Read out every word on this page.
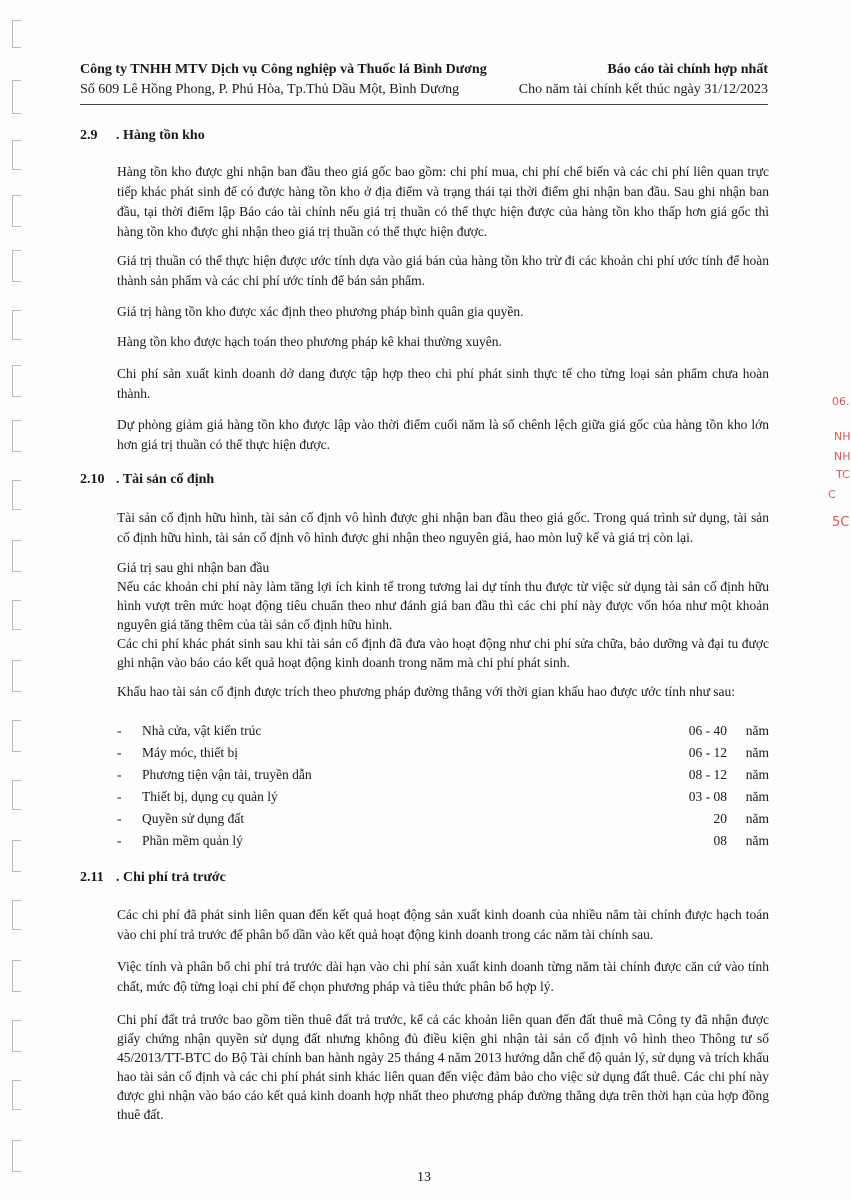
06.
NH
NH
TC
C
5C
Công ty TNHH MTV Dịch vụ Công nghiệp và Thuốc lá Bình Dương
Số 609 Lê Hồng Phong, P. Phú Hòa, Tp.Thủ Dầu Một, Bình Dương
Báo cáo tài chính hợp nhất
Cho năm tài chính kết thúc ngày 31/12/2023
2.9 . Hàng tồn kho

Hàng tồn kho được ghi nhận ban đầu theo giá gốc bao gồm: chi phí mua, chi phí chế biến và các chi phí liên quan trực tiếp khác phát sinh để có được hàng tồn kho ở địa điểm và trạng thái tại thời điểm ghi nhận ban đầu. Sau ghi nhận ban đầu, tại thời điểm lập Báo cáo tài chính nếu giá trị thuần có thể thực hiện được của hàng tồn kho thấp hơn giá gốc thì hàng tồn kho được ghi nhận theo giá trị thuần có thể thực hiện được.

Giá trị thuần có thể thực hiện được ước tính dựa vào giá bán của hàng tồn kho trừ đi các khoản chi phí ước tính để hoàn thành sản phẩm và các chi phí ước tính để bán sản phẩm.

Giá trị hàng tồn kho được xác định theo phương pháp bình quân gia quyền.

Hàng tồn kho được hạch toán theo phương pháp kê khai thường xuyên.

Chi phí sản xuất kinh doanh dở dang được tập hợp theo chi phí phát sinh thực tế cho từng loại sản phẩm chưa hoàn thành.

Dự phòng giảm giá hàng tồn kho được lập vào thời điểm cuối năm là số chênh lệch giữa giá gốc của hàng tồn kho lớn hơn giá trị thuần có thể thực hiện được.

2.10 . Tài sản cố định

Tài sản cố định hữu hình, tài sản cố định vô hình được ghi nhận ban đầu theo giá gốc. Trong quá trình sử dụng, tài sản cố định hữu hình, tài sản cố định vô hình được ghi nhận theo nguyên giá, hao mòn luỹ kế và giá trị còn lại.

Giá trị sau ghi nhận ban đầu

Nếu các khoản chi phí này làm tăng lợi ích kinh tế trong tương lai dự tính thu được từ việc sử dụng tài sản cố định hữu hình vượt trên mức hoạt động tiêu chuẩn theo như đánh giá ban đầu thì các chi phí này được vốn hóa như một khoản nguyên giá tăng thêm của tài sản cố định hữu hình.

Các chi phí khác phát sinh sau khi tài sản cố định đã đưa vào hoạt động như chi phí sửa chữa, bảo dưỡng và đại tu được ghi nhận vào báo cáo kết quả hoạt động kinh doanh trong năm mà chi phí phát sinh.

Khấu hao tài sản cố định được trích theo phương pháp đường thẳng với thời gian khấu hao được ước tính như sau:

- Nhà cửa, vật kiến trúc	06 - 40 năm
- Máy móc, thiết bị	06 - 12 năm
- Phương tiện vận tải, truyền dẫn	08 - 12 năm
- Thiết bị, dụng cụ quản lý	03 - 08 năm
- Quyền sử dụng đất	20 năm
- Phần mềm quản lý	08 năm
2.11 . Chi phí trả trước

Các chi phí đã phát sinh liên quan đến kết quả hoạt động sản xuất kinh doanh của nhiều năm tài chính được hạch toán vào chi phí trả trước để phân bổ dần vào kết quả hoạt động kinh doanh trong các năm tài chính sau.

Việc tính và phân bổ chi phí trả trước dài hạn vào chi phí sản xuất kinh doanh từng năm tài chính được căn cứ vào tính chất, mức độ từng loại chi phí để chọn phương pháp và tiêu thức phân bổ hợp lý.

Chi phí đất trả trước bao gồm tiền thuê đất trả trước, kể cả các khoản liên quan đến đất thuê mà Công ty đã nhận được giấy chứng nhận quyền sử dụng đất nhưng không đủ điều kiện ghi nhận tài sản cố định vô hình theo Thông tư số 45/2013/TT-BTC do Bộ Tài chính ban hành ngày 25 tháng 4 năm 2013 hướng dẫn chế độ quản lý, sử dụng và trích khấu hao tài sản cố định và các chi phí phát sinh khác liên quan đến việc đảm bảo cho việc sử dụng đất thuê. Các chi phí này được ghi nhận vào báo cáo kết quả kinh doanh hợp nhất theo phương pháp đường thẳng dựa trên thời hạn của hợp đồng thuê đất.

13
